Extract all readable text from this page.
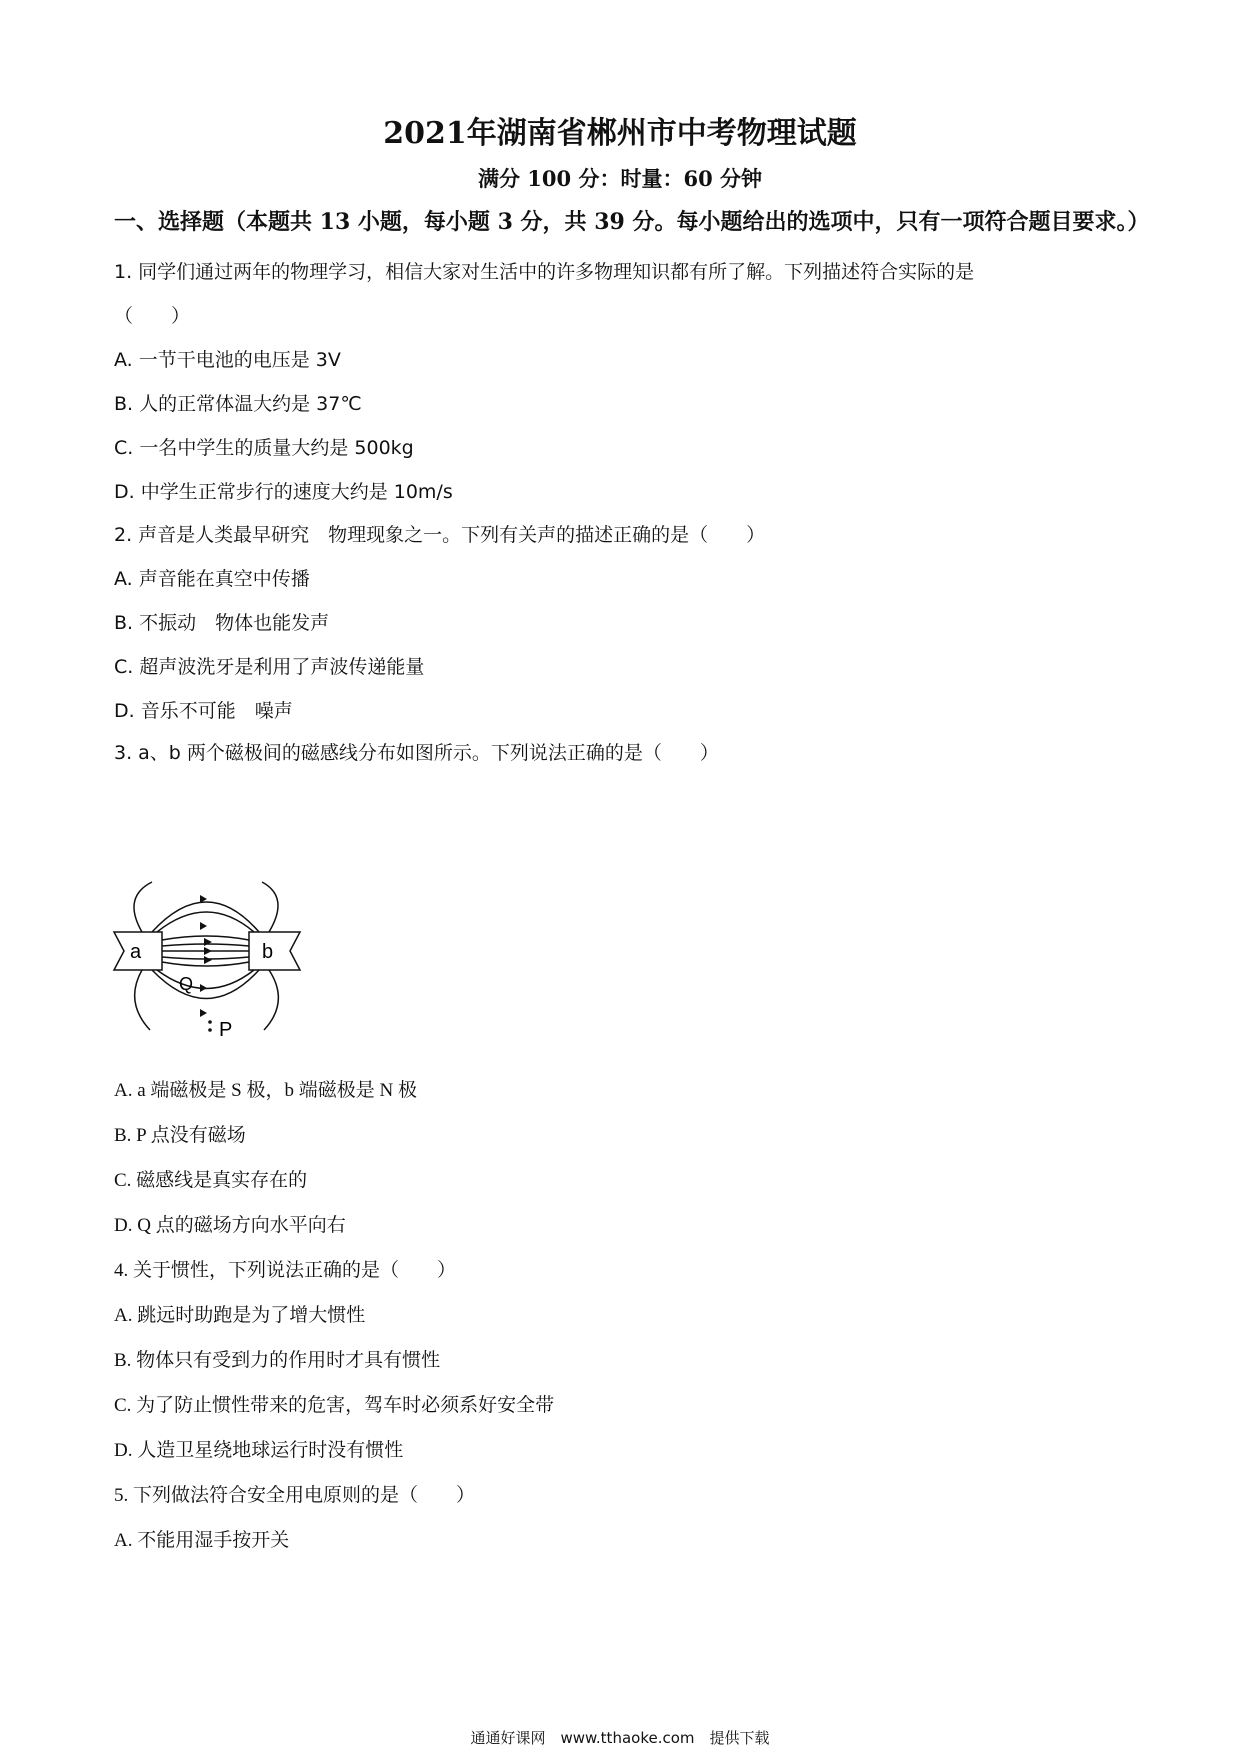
2021年湖南省郴州市中考物理试题
满分 100 分：时量：60 分钟
一、选择题（本题共 13 小题，每小题 3 分，共 39 分。每小题给出的选项中，只有一项符合题目要求。）
1. 同学们通过两年的物理学习，相信大家对生活中的许多物理知识都有所了解。下列描述符合实际的是
（　　）
A. 一节干电池的电压是 3V
B. 人的正常体温大约是 37℃
C. 一名中学生的质量大约是 500kg
D. 中学生正常步行的速度大约是 10m/s
2. 声音是人类最早研究　物理现象之一。下列有关声的描述正确的是（　　）
A. 声音能在真空中传播
B. 不振动　物体也能发声
C. 超声波洗牙是利用了声波传递能量
D. 音乐不可能　噪声
3. a、b 两个磁极间的磁感线分布如图所示。下列说法正确的是（　　）
a	b
Q
P
A. a 端磁极是 S 极，b 端磁极是 N 极
B. P 点没有磁场
C. 磁感线是真实存在的
D. Q 点的磁场方向水平向右
4. 关于惯性，下列说法正确的是（　　）
A. 跳远时助跑是为了增大惯性
B. 物体只有受到力的作用时才具有惯性
C. 为了防止惯性带来的危害，驾车时必须系好安全带
D. 人造卫星绕地球运行时没有惯性
5. 下列做法符合安全用电原则的是（　　）
A. 不能用湿手按开关
通通好课网　www.tthaoke.com　提供下载
